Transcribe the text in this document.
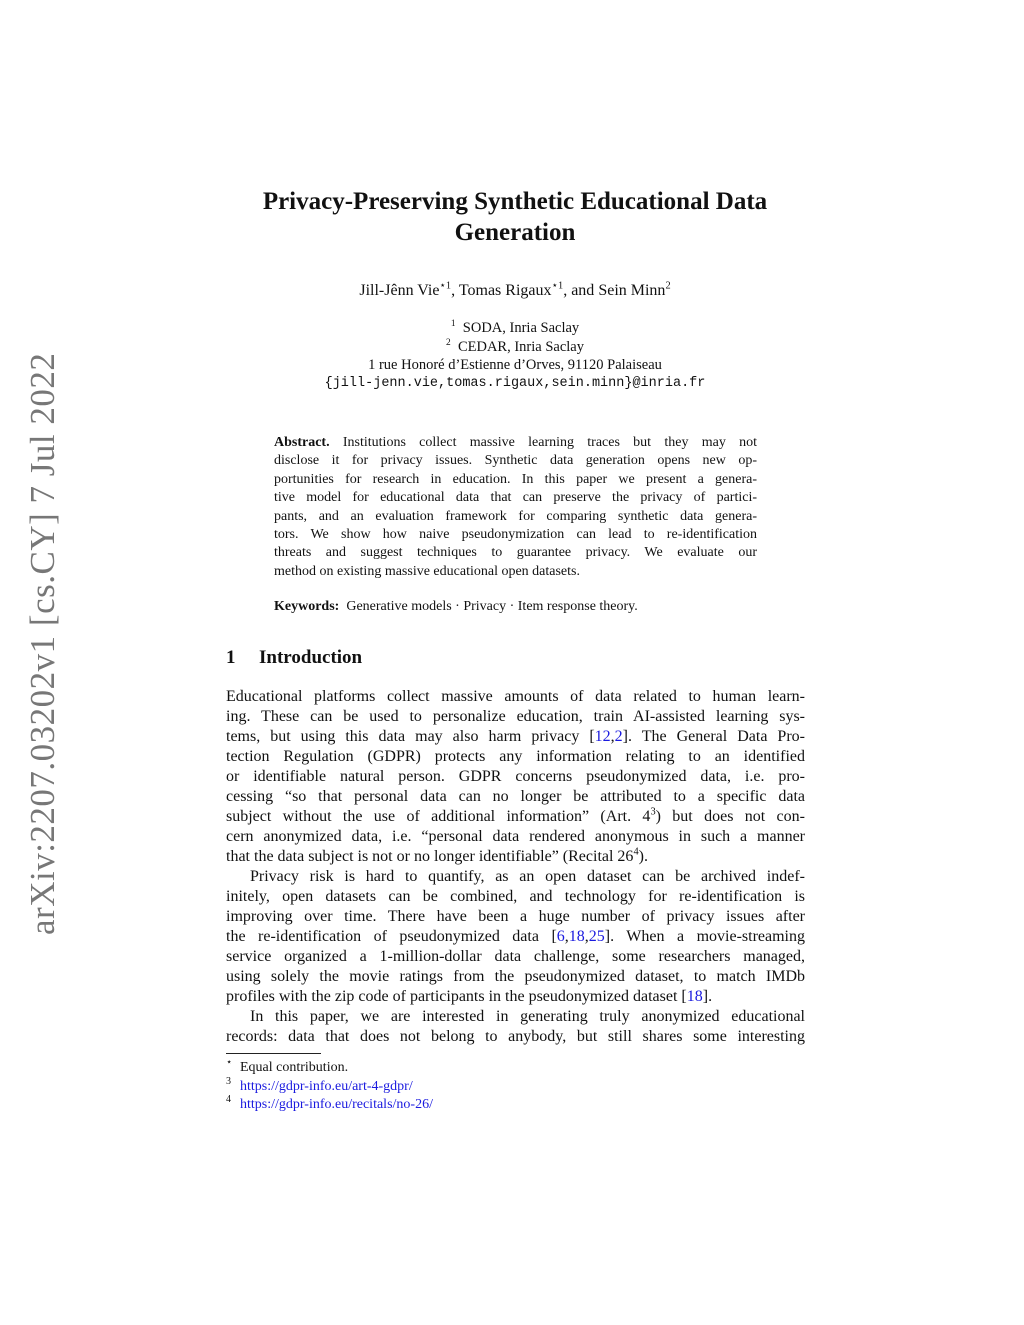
arXiv:2207.03202v1 [cs.CY] 7 Jul 2022
Privacy-Preserving Synthetic Educational Data
Generation
Jill-Jênn Vie$^{⋆1}$, Tomas Rigaux$^{⋆1}$, and Sein Minn$^2$
$^1$ SODA, Inria Saclay
$^2$ CEDAR, Inria Saclay
1 rue Honoré d’Estienne d’Orves, 91120 Palaiseau
{jill-jenn.vie,tomas.rigaux,sein.minn}@inria.fr
Abstract. Institutions collect massive learning traces but they may not
disclose it for privacy issues. Synthetic data generation opens new op-
portunities for research in education. In this paper we present a genera-
tive model for educational data that can preserve the privacy of partici-
pants, and an evaluation framework for comparing synthetic data genera-
tors. We show how naive pseudonymization can lead to re-identification
threats and suggest techniques to guarantee privacy. We evaluate our
method on existing massive educational open datasets.
Keywords: Generative models · Privacy · Item response theory.
1 Introduction
Educational platforms collect massive amounts of data related to human learn-
ing. These can be used to personalize education, train AI-assisted learning sys-
tems, but using this data may also harm privacy [12,2]. The General Data Pro-
tection Regulation (GDPR) protects any information relating to an identified
or identifiable natural person. GDPR concerns pseudonymized data, i.e. pro-
cessing “so that personal data can no longer be attributed to a specific data
subject without the use of additional information” (Art. $4^3$) but does not con-
cern anonymized data, i.e. “personal data rendered anonymous in such a manner
that the data subject is not or no longer identifiable” (Recital $26^4$).
Privacy risk is hard to quantify, as an open dataset can be archived indef-
initely, open datasets can be combined, and technology for re-identification is
improving over time. There have been a huge number of privacy issues after
the re-identification of pseudonymized data [6,18,25]. When a movie-streaming
service organized a 1-million-dollar data challenge, some researchers managed,
using solely the movie ratings from the pseudonymized dataset, to match IMDb
profiles with the zip code of participants in the pseudonymized dataset [18].
In this paper, we are interested in generating truly anonymized educational
records: data that does not belong to anybody, but still shares some interesting
⋆ Equal contribution.
$^3$ https://gdpr-info.eu/art-4-gdpr/
$^4$ https://gdpr-info.eu/recitals/no-26/
